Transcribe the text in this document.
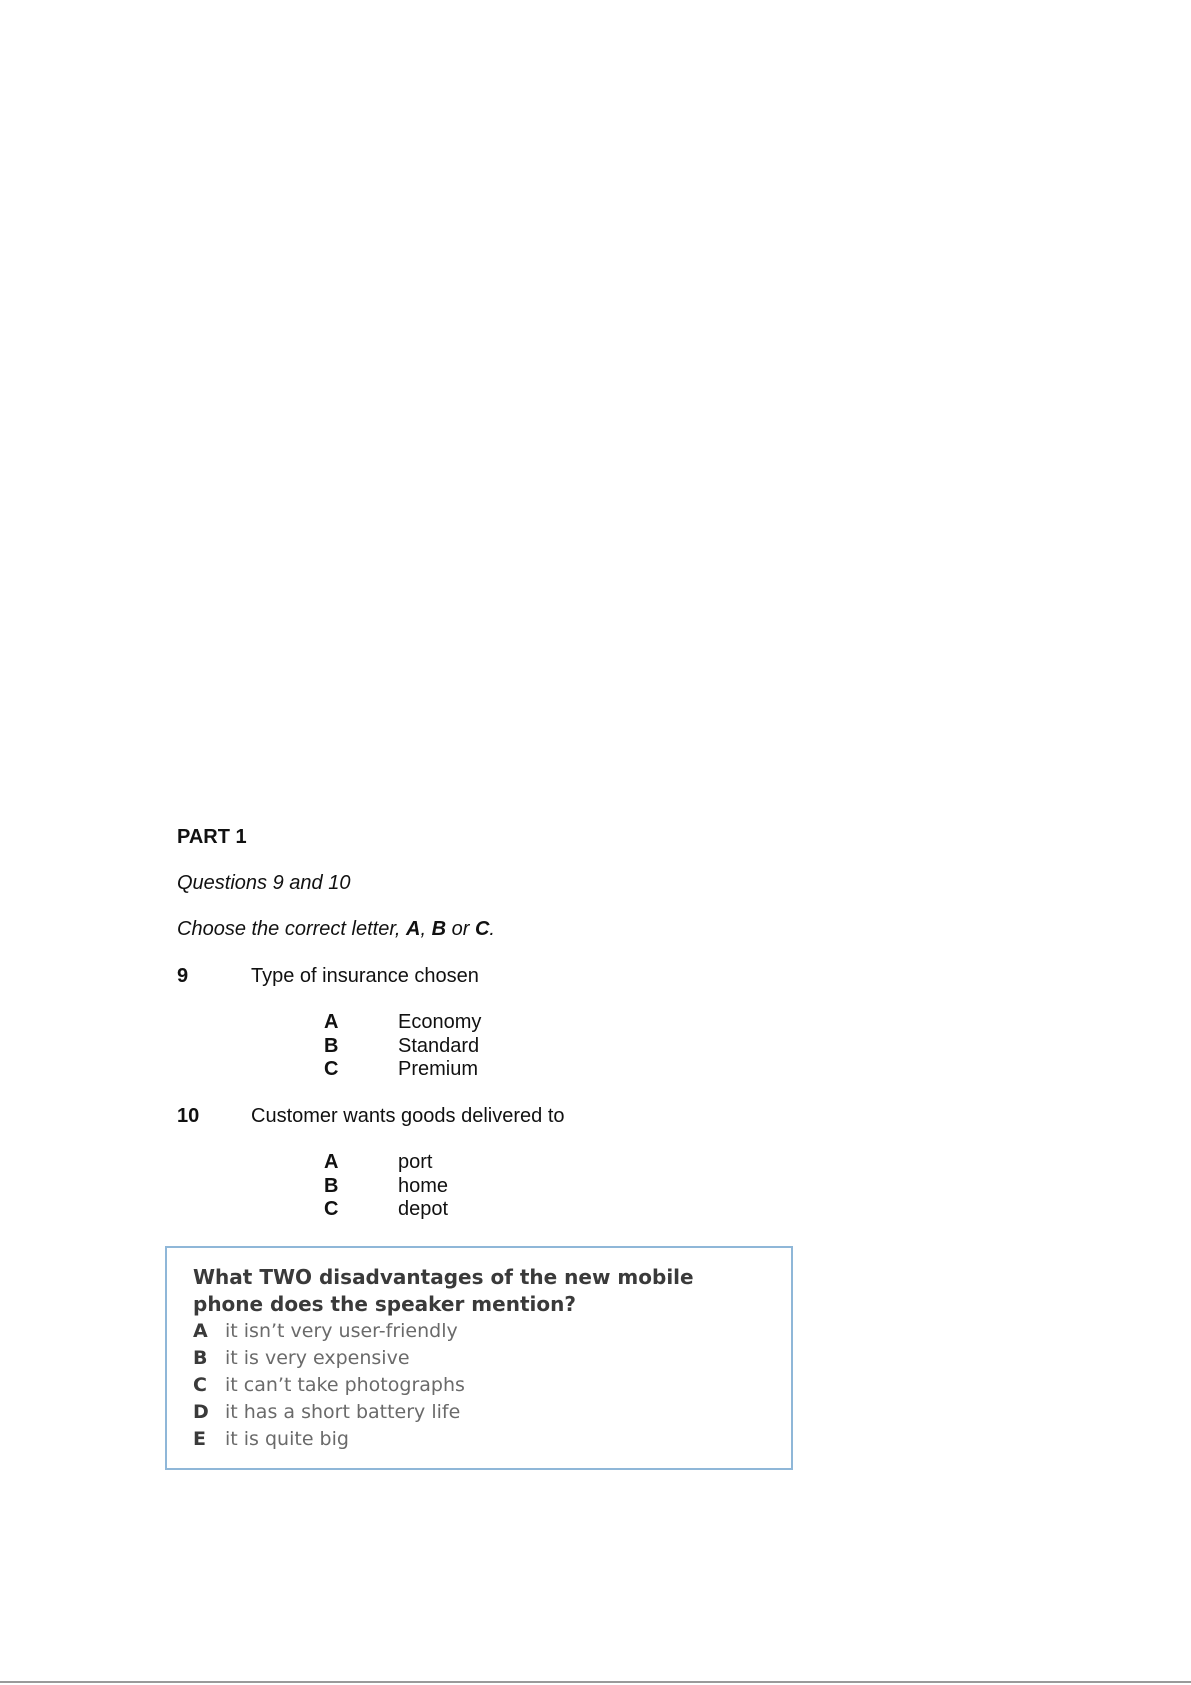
PART 1

Questions 9 and 10

Choose the correct letter, A, B or C.

9	Type of insurance chosen
A	Economy
B	Standard
C	Premium
10	Customer wants goods delivered to
A	port
B	home
C	depot

What TWO disadvantages of the new mobile phone does the speaker mention?

A it isn’t very user-friendly
B it is very expensive
C it can’t take photographs
D it has a short battery life
E it is quite big
